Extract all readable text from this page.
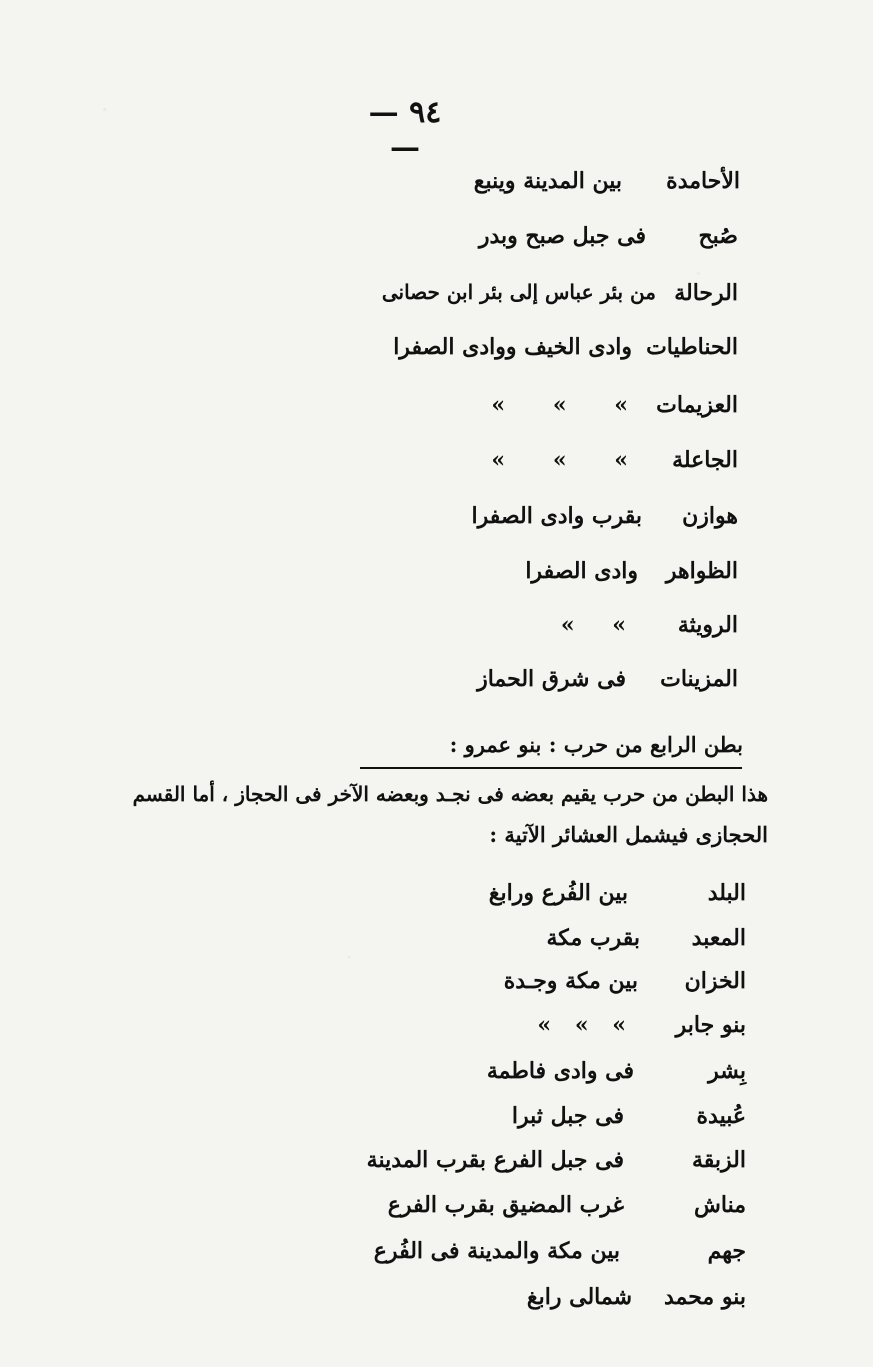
— ٩٤ —
الأحامدة
بين المدينة وينبع
صُبح
فى جبل صبح وبدر
الرحالة
من بئر عباس إلى بئر ابن حصانى
الحناطيات
وادى الخيف ووادى الصفرا
العزيمات
» » »
الجاعلة
» » »
هوازن
بقرب وادى الصفرا
الظواهر
وادى الصفرا
الرويثة
» »
المزينات
فى شرق الحماز
بطن الرابع من حرب : بنو عمرو :
هذا البطن من حرب يقيم بعضه فى نجـد وبعضه الآخر فى الحجاز ، أما القسم
الحجازى فيشمل العشائر الآتية :
البلد
بين الفُرع ورابغ
المعبد
بقرب مكة
الخزان
بين مكة وجـدة
بنو جابر
» » »
بِشر
فى وادى فاطمة
عُبيدة
فى جبل ثبرا
الزبقة
فى جبل الفرع بقرب المدينة
مناش
غرب المضيق بقرب الفرع
جهم
بين مكة والمدينة فى الفُرع
بنو محمد
شمالى رابغ
